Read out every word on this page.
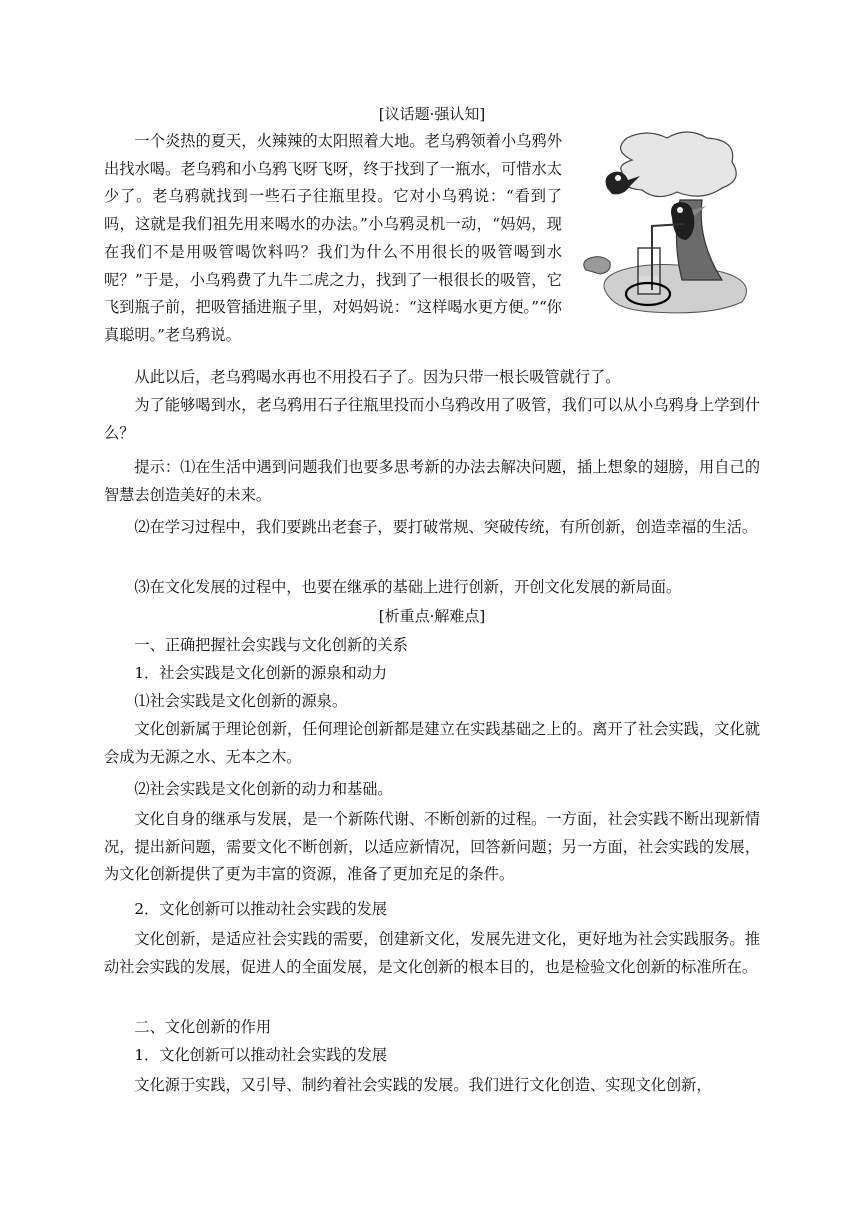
[议话题·强认知]

一个炎热的夏天，火辣辣的太阳照着大地。老乌鸦领着小乌鸦外出找水喝。老乌鸦和小乌鸦飞呀飞呀，终于找到了一瓶水，可惜水太少了。老乌鸦就找到一些石子往瓶里投。它对小乌鸦说：“看到了吗，这就是我们祖先用来喝水的办法。”小乌鸦灵机一动，“妈妈，现在我们不是用吸管喝饮料吗？我们为什么不用很长的吸管喝到水呢？”于是，小乌鸦费了九牛二虎之力，找到了一根很长的吸管，它飞到瓶子前，把吸管插进瓶子里，对妈妈说：“这样喝水更方便。”“你真聪明。”老乌鸦说。

从此以后，老乌鸦喝水再也不用投石子了。因为只带一根长吸管就行了。

为了能够喝到水，老乌鸦用石子往瓶里投而小乌鸦改用了吸管，我们可以从小乌鸦身上学到什么？

提示：⑴在生活中遇到问题我们也要多思考新的办法去解决问题，插上想象的翅膀，用自己的智慧去创造美好的未来。

⑵在学习过程中，我们要跳出老套子，要打破常规、突破传统，有所创新，创造幸福的生活。

⑶在文化发展的过程中，也要在继承的基础上进行创新，开创文化发展的新局面。

[析重点·解难点]

一、正确把握社会实践与文化创新的关系

1．社会实践是文化创新的源泉和动力

⑴社会实践是文化创新的源泉。

文化创新属于理论创新，任何理论创新都是建立在实践基础之上的。离开了社会实践，文化就会成为无源之水、无本之木。

⑵社会实践是文化创新的动力和基础。

文化自身的继承与发展，是一个新陈代谢、不断创新的过程。一方面，社会实践不断出现新情况，提出新问题，需要文化不断创新，以适应新情况，回答新问题；另一方面，社会实践的发展，为文化创新提供了更为丰富的资源，准备了更加充足的条件。

2．文化创新可以推动社会实践的发展

文化创新，是适应社会实践的需要，创建新文化，发展先进文化，更好地为社会实践服务。推动社会实践的发展，促进人的全面发展，是文化创新的根本目的，也是检验文化创新的标准所在。

二、文化创新的作用

1．文化创新可以推动社会实践的发展

文化源于实践，又引导、制约着社会实践的发展。我们进行文化创造、实现文化创新，
